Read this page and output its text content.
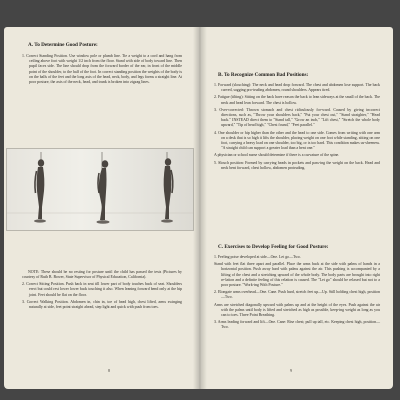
A. To Determine Good Posture:
1. Correct Standing Position. Use window pole or plumb line. Tie a weight to a cord and hang from ceiling above foot with weight 1/2 inch from the floor. Stand with side of body toward line. Then pupil faces side. The line should drop from the forward border of the ear, in front of the middle point of the shoulder, to the half of the foot. In correct standing position the weights of the body is on the balls of the feet and the long axis of the head, neck, body, and legs forms a straight line. At poor posture, the axis of the neck, head, and trunk is broken into zigzag lines.

NOTE: These should be no resting for posture until the child has passed the tests (Pictures by courtesy of Ruth B. Bower, State Supervisor of Physical Education, California).

2. Correct Sitting Position. Push back in seat till lower part of body touches back of seat. Shoulders erect but could rest lower lower back touching it also. When leaning forward bend only at the hip joint. Feet should be flat on the floor.
3. Correct Walking Position. Abdomen in, chin in, toe of head high, chest lifted, arms swinging naturally at side, feet point straight ahead, step light and quick with push from toes.
8
B. To Recognize Common Bad Positions:
1. Forward (slouching): The neck and head drop forward. The chest and abdomen lose support. The back curved, sagging pro-truding abdomen, round shoulders. Appears tired.
2. Fatigue (tilting): Sitting on the back have reason the back to lean sideways at the small of the back. The neck and head lean forward. The chest is hollow.
3. Over-corrected: Thrown stomach and chest ridiculously for-ward. Caused by giving incorrect directions, such as, "Throw your shoulders back," "Put your chest out," "Stand straighter," "Head back." INSTEAD direct them to "Stand tall," "Grow an inch," "Lift chest," "Stretch the whole body upward," "Tip of head high," "Chest found," "Feet parallel."
4. One shoulder or hip higher than the other and the head to one side. Comes from writing with one arm on a desk that is so high it lifts the shoulder, placing weight on one foot while standing, sitting on one foot, carrying a heavy load on one shoulder, too big, or is too hard. This condition makes us-sheeness. "A straight child can support a greater load than a bent one."
A physician or school nurse should determine if there is a curvature of the spine.
5. Slouch position: Formed by carrying heads in pockets and pass-ing the weight on the back. Head and neck bent forward, chest hollow, abdomen protruding.
C. Exercises to Develop Feeling for Good Posture:
1. Feeling poise developed at side—One. Let go—Two.
Stand with feet flat three apart and parallel. Place the arms back at the side with palms of hands in a horizontal position. Push away hard with palms against the air. This pushing is accompanied by a lifting of the chest and a stretching upward of the whole body. The body parts are brought into right re-lation and a definite feeling of this relation is caused. The "Let go" should be relaxed but not to a poor posture. "Work-ing With Posture."
2. Elongate arms overhead—One. Cane. Push hard, stretch feet up—Up. Still holding chest high, position—Two.
Arms are stretched diagonally upward with palms up and at the height of the eyes. Push against the air with the palms until body is lifted and stretched as high as possible, keep-ing weight as long as you can to toes. Three Point Breathing.
3. Arms leading forward and lift—One. Cane: Rise chest; pull up tall, etc. Keeping chest high, position—Two.
9
